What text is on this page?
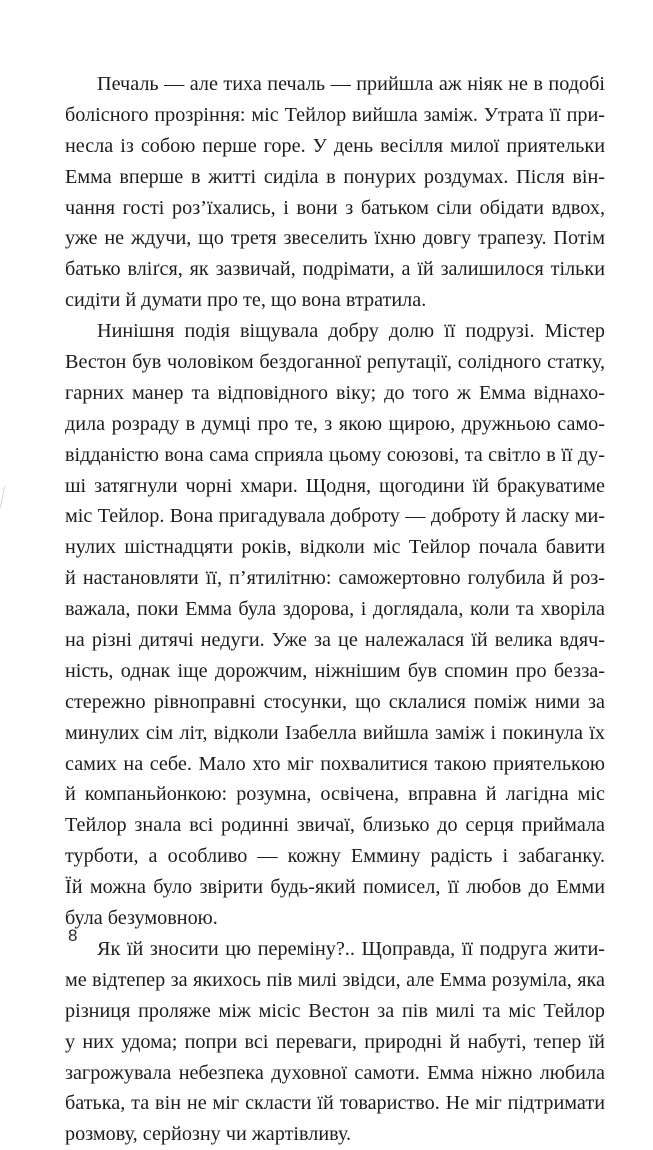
Печаль — але тиха печаль — прийшла аж ніяк не в подобі
болісного прозріння: міс Тейлор вийшла заміж. Утрата її при-
несла із собою перше горе. У день весілля милої приятельки
Емма вперше в житті сиділа в понурих роздумах. Після він-
чання гості роз’їхались, і вони з батьком сіли обідати вдвох,
уже не ждучи, що третя звеселить їхню довгу трапезу. Потім
батько вліґся, як зазвичай, подрімати, а їй залишилося тільки
сидіти й думати про те, що вона втратила.
Нинішня подія віщувала добру долю її подрузі. Містер
Вестон був чоловіком бездоганної репутації, солідного статку,
гарних манер та відповідного віку; до того ж Емма віднахо-
дила розраду в думці про те, з якою щирою, дружньою само-
відданістю вона сама сприяла цьому союзові, та світло в її ду-
ші затягнули чорні хмари. Щодня, щогодини їй бракуватиме
міс Тейлор. Вона пригадувала доброту — доброту й ласку ми-
нулих шістнадцяти років, відколи міс Тейлор почала бавити
й настановляти її, п’ятилітню: саможертовно голубила й роз-
важала, поки Емма була здорова, і доглядала, коли та хворіла
на різні дитячі недуги. Уже за це належалася їй велика вдяч-
ність, однак іще дорожчим, ніжнішим був спомин про безза-
стережно рівноправні стосунки, що склалися поміж ними за
минулих сім літ, відколи Ізабелла вийшла заміж і покинула їх
самих на себе. Мало хто міг похвалитися такою приятелькою
й компаньйонкою: розумна, освічена, вправна й лагідна міс
Тейлор знала всі родинні звичаї, близько до серця приймала
турботи, а особливо — кожну Еммину радість і забаганку.
Їй можна було звірити будь-який помисел, її любов до Емми
була безумовною.
Як їй зносити цю переміну?.. Щоправда, її подруга жити-
ме відтепер за якихось пів милі звідси, але Емма розуміла, яка
різниця проляже між місіс Вестон за пів милі та міс Тейлор
у них удома; попри всі переваги, природні й набуті, тепер їй
загрожувала небезпека духовної самоти. Емма ніжно любила
батька, та він не міг скласти їй товариство. Не міг підтримати
розмову, серйозну чи жартівливу.
8
